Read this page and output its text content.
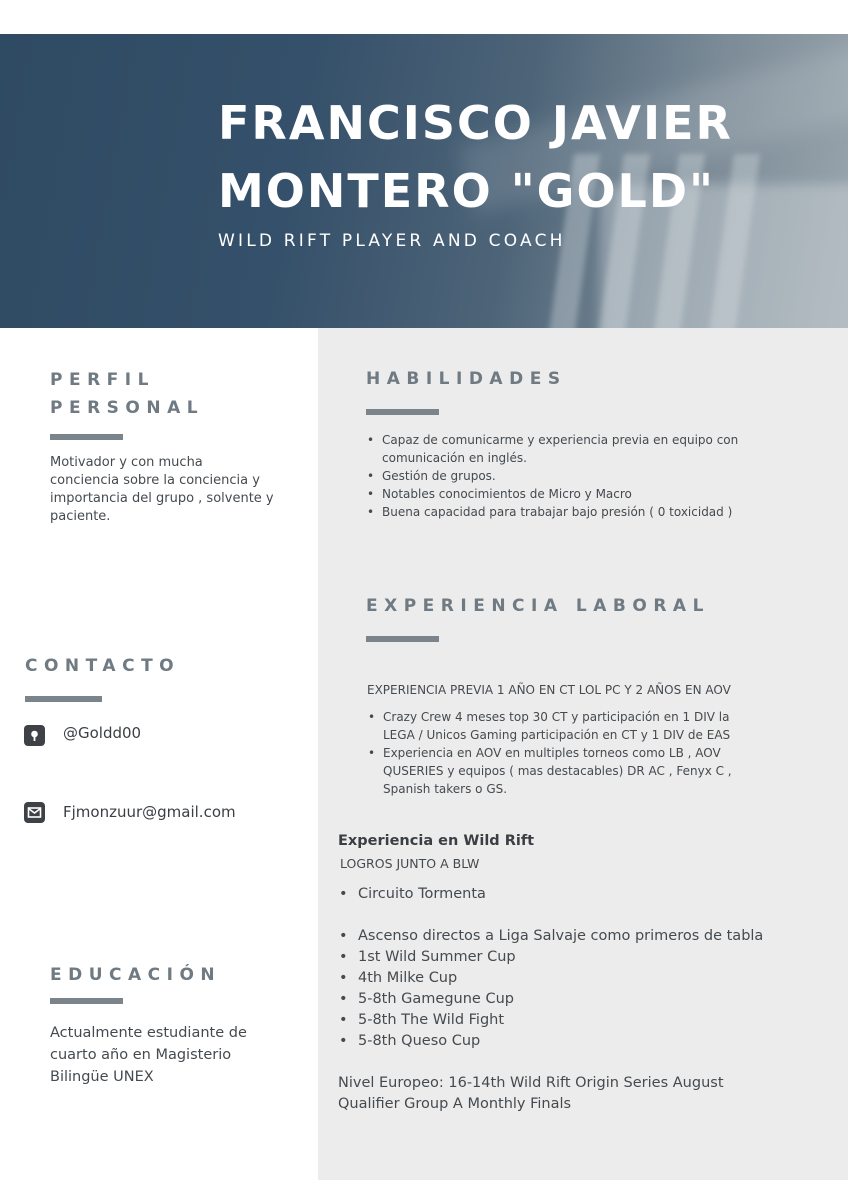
FRANCISCO JAVIER
MONTERO "GOLD"
WILD RIFT PLAYER AND COACH
PERFIL
PERSONAL
Motivador y con mucha
conciencia sobre la conciencia y
importancia del grupo , solvente y
paciente.
CONTACTO
@Goldd00
Fjmonzuur@gmail.com
EDUCACIÓN
Actualmente estudiante de
cuarto año en Magisterio
Bilingüe UNEX
HABILIDADES
• Capaz de comunicarme y experiencia previa en equipo con
comunicación en inglés.
• Gestión de grupos.
• Notables conocimientos de Micro y Macro
• Buena capacidad para trabajar bajo presión ( 0 toxicidad )
EXPERIENCIA LABORAL
EXPERIENCIA PREVIA 1 AÑO EN CT LOL PC Y 2 AÑOS EN AOV
• Crazy Crew 4 meses top 30 CT y participación en 1 DIV la
LEGA / Unicos Gaming participación en CT y 1 DIV de EAS
• Experiencia en AOV en multiples torneos como LB , AOV
QUSERIES y equipos ( mas destacables) DR AC , Fenyx C ,
Spanish takers o GS.
Experiencia en Wild Rift
LOGROS JUNTO A BLW
• Circuito Tormenta
• Ascenso directos a Liga Salvaje como primeros de tabla
• 1st Wild Summer Cup
• 4th Milke Cup
• 5-8th Gamegune Cup
• 5-8th The Wild Fight
• 5-8th Queso Cup
Nivel Europeo: 16-14th Wild Rift Origin Series August
Qualifier Group A Monthly Finals
